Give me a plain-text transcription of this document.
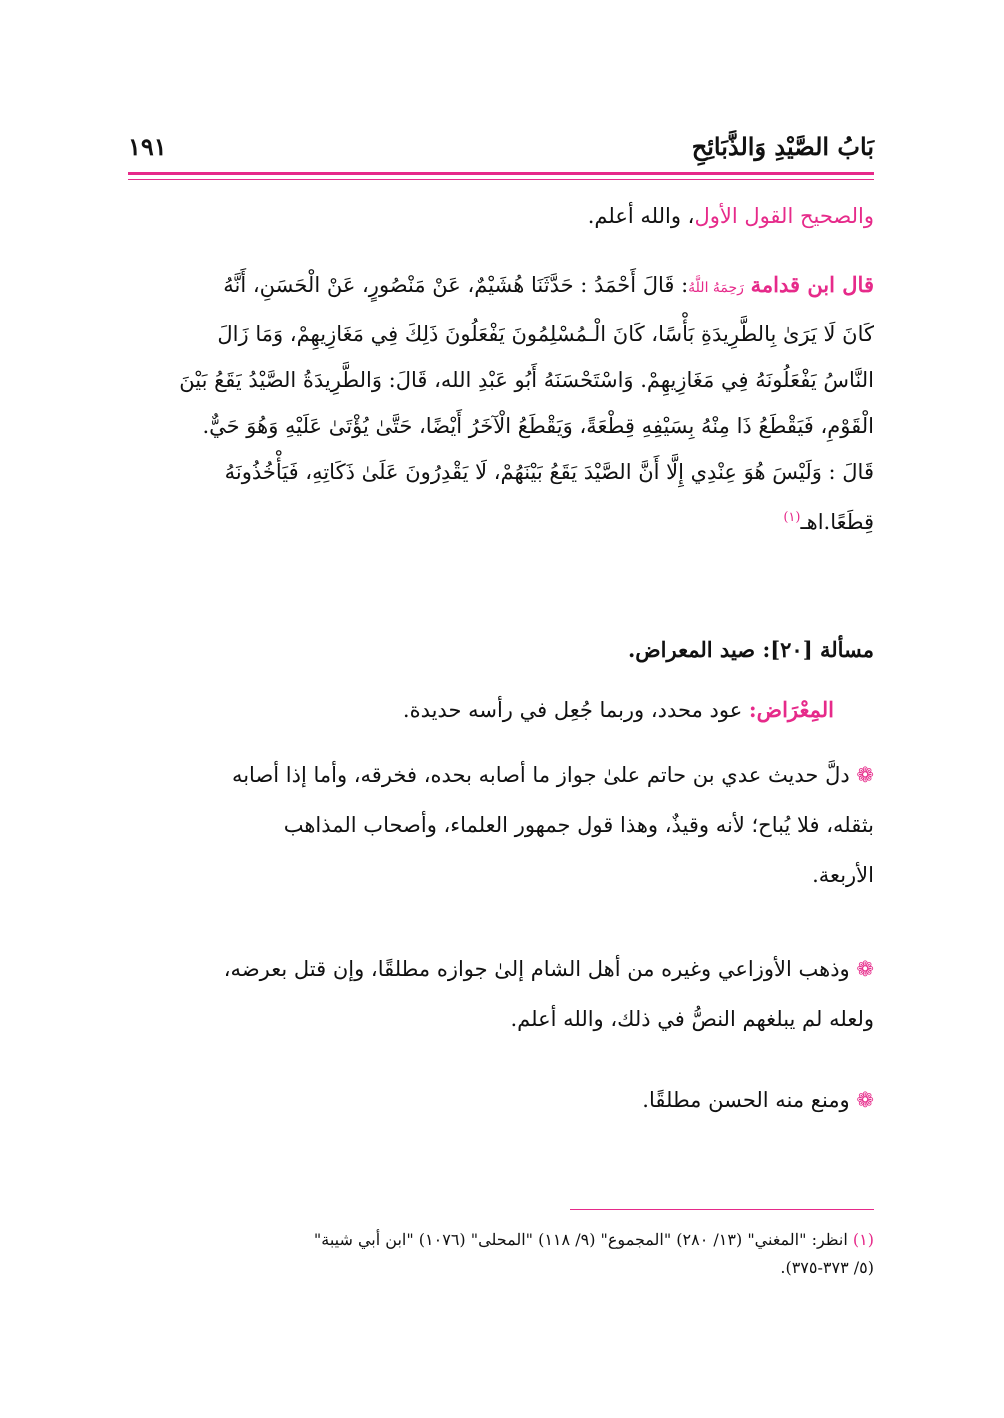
بَابُ الصَّيْدِ وَالذَّبَائِحِ
١٩١
والصحيح القول الأول، والله أعلم.
قال ابن قدامة رَحِمَهُ اللَّهُ: قَالَ أَحْمَدُ : حَدَّثَنَا هُشَيْمٌ، عَنْ مَنْصُورٍ، عَنْ الْحَسَنِ، أَنَّهُ
كَانَ لَا يَرَىٰ بِالطَّرِيدَةِ بَأْسًا، كَانَ الْـمُسْلِمُونَ يَفْعَلُونَ ذَلِكَ فِي مَغَازِيهِمْ، وَمَا زَالَ
النَّاسُ يَفْعَلُونَهُ فِي مَغَازِيهِمْ. وَاسْتَحْسَنَهُ أَبُو عَبْدِ الله، قَالَ: وَالطَّرِيدَةُ الصَّيْدُ يَقَعُ بَيْنَ
الْقَوْمِ، فَيَقْطَعُ ذَا مِنْهُ بِسَيْفِهِ قِطْعَةً، وَيَقْطَعُ الْآخَرُ أَيْضًا، حَتَّىٰ يُؤْتَىٰ عَلَيْهِ وَهُوَ حَيٌّ.
قَالَ : وَلَيْسَ هُوَ عِنْدِي إِلَّا أَنَّ الصَّيْدَ يَقَعُ بَيْنَهُمْ، لَا يَقْدِرُونَ عَلَىٰ ذَكَاتِهِ، فَيَأْخُذُونَهُ
قِطَعًا.اهـ$^{(١)}$
مسألة [٢٠]: صيد المعراض.
المِعْرَاض: عود محدد، وربما جُعِل في رأسه حديدة.
❁ دلَّ حديث عدي بن حاتم علىٰ جواز ما أصابه بحده، فخرقه، وأما إذا أصابه
بثقله، فلا يُباح؛ لأنه وقيذٌ، وهذا قول جمهور العلماء، وأصحاب المذاهب
الأربعة.
❁ وذهب الأوزاعي وغيره من أهل الشام إلىٰ جوازه مطلقًا، وإن قتل بعرضه،
ولعله لم يبلغهم النصُّ في ذلك، والله أعلم.
❁ ومنع منه الحسن مطلقًا.
(١) انظر: "المغني" (١٣/ ٢٨٠) "المجموع" (٩/ ١١٨) "المحلى" (١٠٧٦) "ابن أبي شيبة"
(٥/ ٣٧٣-٣٧٥).
